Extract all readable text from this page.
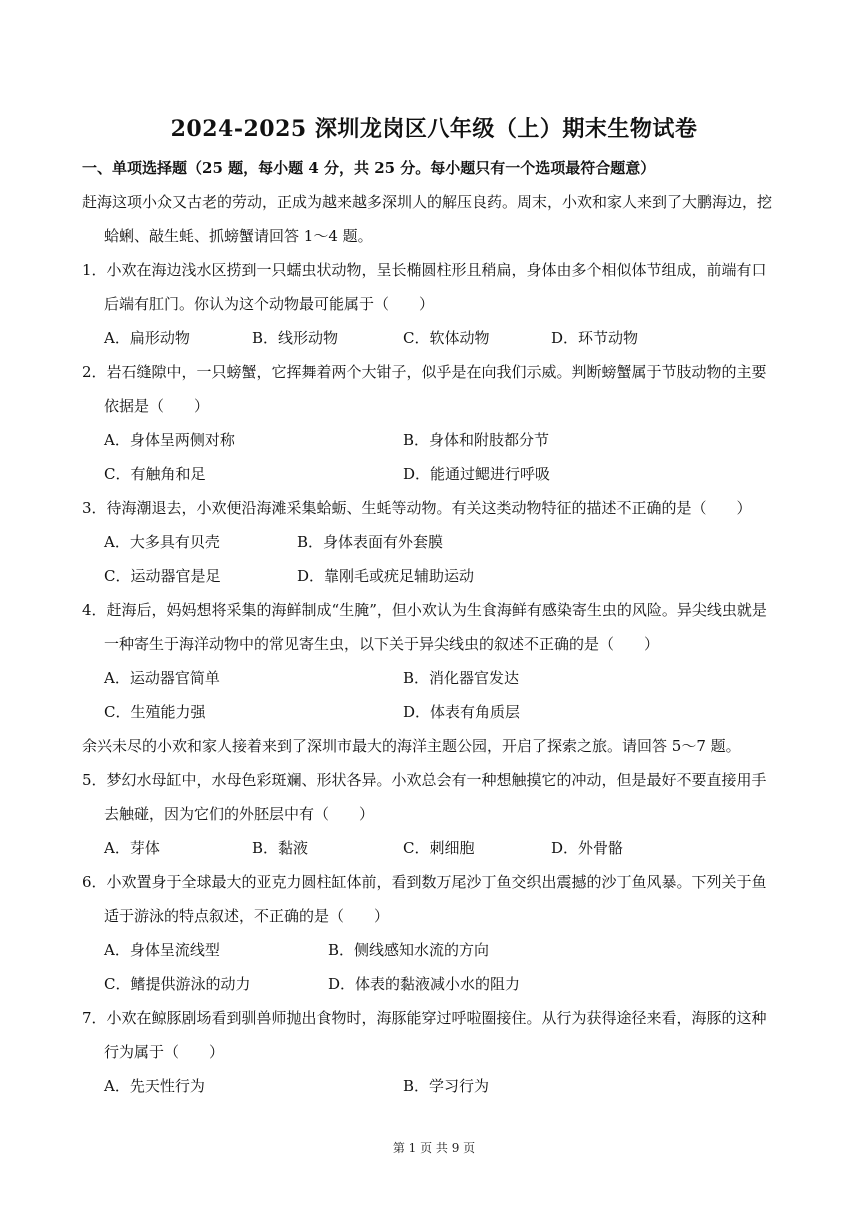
2024-2025 深圳龙岗区八年级（上）期末生物试卷
一、单项选择题（25 题，每小题 4 分，共 25 分。每小题只有一个选项最符合题意）
赶海这项小众又古老的劳动，正成为越来越多深圳人的解压良药。周末，小欢和家人来到了大鹏海边，挖
蛤蜊、敲生蚝、抓螃蟹请回答 1～4 题。
1．小欢在海边浅水区捞到一只蠕虫状动物，呈长椭圆柱形且稍扁，身体由多个相似体节组成，前端有口
后端有肛门。你认为这个动物最可能属于（　　）
A．扁形动物	B．线形动物	C．软体动物	D．环节动物
2．岩石缝隙中，一只螃蟹，它挥舞着两个大钳子，似乎是在向我们示威。判断螃蟹属于节肢动物的主要
依据是（　　）
A．身体呈两侧对称	B．身体和附肢都分节
C．有触角和足	D．能通过鳃进行呼吸
3．待海潮退去，小欢便沿海滩采集蛤蛎、生蚝等动物。有关这类动物特征的描述不正确的是（　　）
A．大多具有贝壳	B．身体表面有外套膜
C．运动器官是足	D．靠刚毛或疣足辅助运动
4．赶海后，妈妈想将采集的海鲜制成“生腌”，但小欢认为生食海鲜有感染寄生虫的风险。异尖线虫就是
一种寄生于海洋动物中的常见寄生虫，以下关于异尖线虫的叙述不正确的是（　　）
A．运动器官简单	B．消化器官发达
C．生殖能力强	D．体表有角质层
余兴未尽的小欢和家人接着来到了深圳市最大的海洋主题公园，开启了探索之旅。请回答 5～7 题。
5．梦幻水母缸中，水母色彩斑斓、形状各异。小欢总会有一种想触摸它的冲动，但是最好不要直接用手
去触碰，因为它们的外胚层中有（　　）
A．芽体	B．黏液	C．刺细胞	D．外骨骼
6．小欢置身于全球最大的亚克力圆柱缸体前，看到数万尾沙丁鱼交织出震撼的沙丁鱼风暴。下列关于鱼
适于游泳的特点叙述，不正确的是（　　）
A．身体呈流线型	B．侧线感知水流的方向
C．鳍提供游泳的动力	D．体表的黏液减小水的阻力
7．小欢在鲸豚剧场看到驯兽师抛出食物时，海豚能穿过呼啦圈接住。从行为获得途径来看，海豚的这种
行为属于（　　）
A．先天性行为	B．学习行为
第 1 页 共 9 页
